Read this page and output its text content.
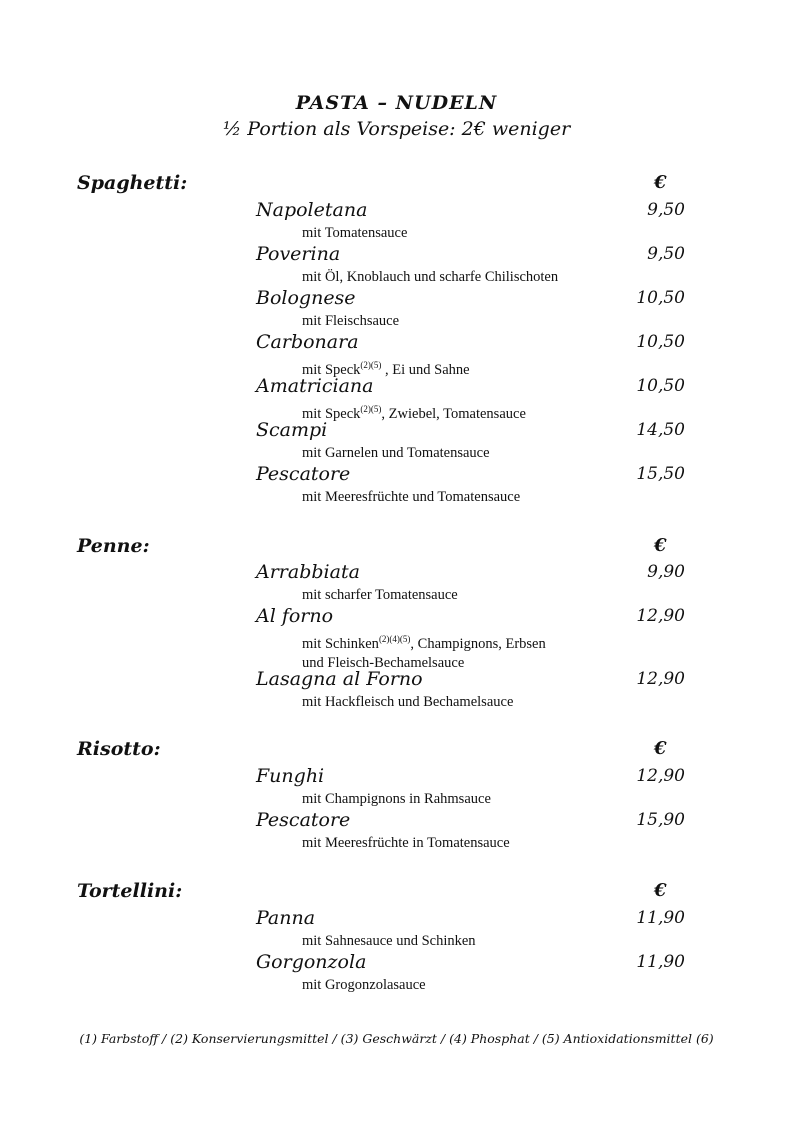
PASTA – NUDELN
½ Portion als Vorspeise: 2€ weniger
Spaghetti:	€
Napoletana	9,50
mit Tomatensauce
Poverina	9,50
mit Öl, Knoblauch und scharfe Chilischoten
Bolognese	10,50
mit Fleischsauce
Carbonara	10,50
mit Speck$^{(2)(5)}$ , Ei und Sahne
Amatriciana	10,50
mit Speck$^{(2)(5)}$, Zwiebel, Tomatensauce
Scampi	14,50
mit Garnelen und Tomatensauce
Pescatore	15,50
mit Meeresfrüchte und Tomatensauce
Penne:	€
Arrabbiata	9,90
mit scharfer Tomatensauce
Al forno	12,90
mit Schinken$^{(2)(4)(5)}$, Champignons, Erbsen
und Fleisch-Bechamelsauce
Lasagna al Forno	12,90
mit Hackfleisch und Bechamelsauce
Risotto:	€
Funghi	12,90
mit Champignons in Rahmsauce
Pescatore	15,90
mit Meeresfrüchte in Tomatensauce
Tortellini:	€
Panna	11,90
mit Sahnesauce und Schinken
Gorgonzola	11,90
mit Grogonzolasauce
(1) Farbstoff / (2) Konservierungsmittel / (3) Geschwärzt / (4) Phosphat / (5) Antioxidationsmittel (6)
